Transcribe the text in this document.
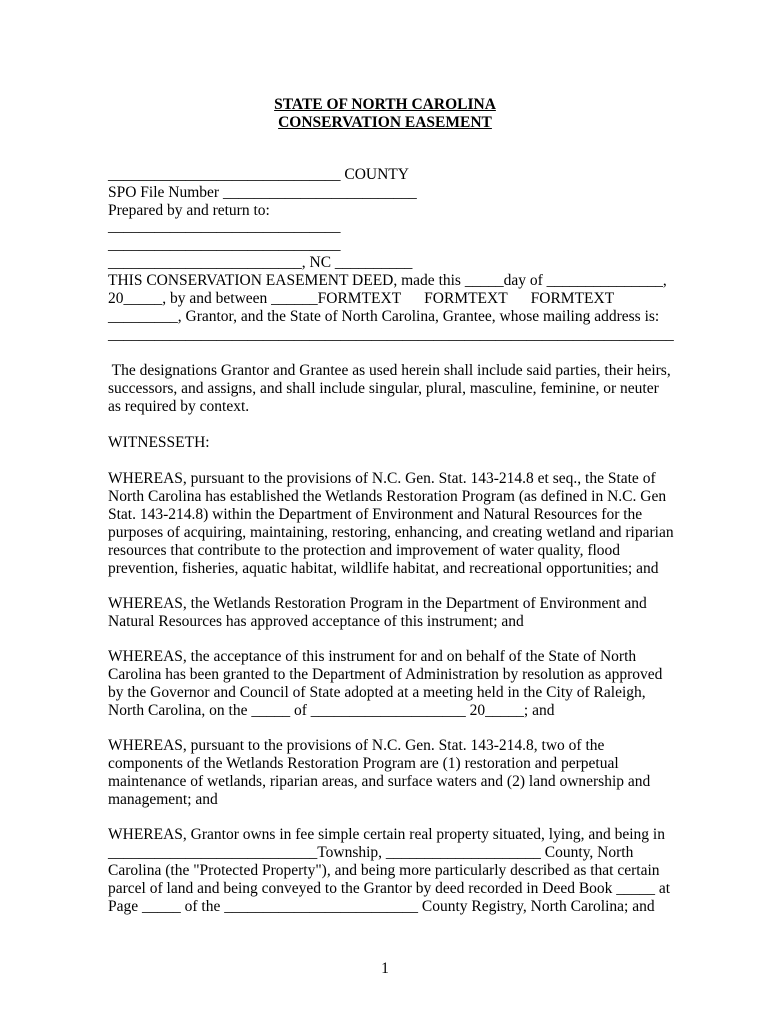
STATE OF NORTH CAROLINA
CONSERVATION EASEMENT
______________________________ COUNTY
SPO File Number _________________________
Prepared by and return to:
______________________________
______________________________
_________________________, NC __________
THIS CONSERVATION EASEMENT DEED, made this _____day of _______________,
20_____, by and between ______FORMTEXT      FORMTEXT      FORMTEXT
_________, Grantor, and the State of North Carolina, Grantee, whose mailing address is:
_________________________________________________________________________
The designations Grantor and Grantee as used herein shall include said parties, their heirs,
successors, and assigns, and shall include singular, plural, masculine, feminine, or neuter
as required by context.
WITNESSETH:
WHEREAS, pursuant to the provisions of N.C. Gen. Stat. 143-214.8 et seq., the State of
North Carolina has established the Wetlands Restoration Program (as defined in N.C. Gen
Stat. 143-214.8) within the Department of Environment and Natural Resources for the
purposes of acquiring, maintaining, restoring, enhancing, and creating wetland and riparian
resources that contribute to the protection and improvement of water quality, flood
prevention, fisheries, aquatic habitat, wildlife habitat, and recreational opportunities; and
WHEREAS, the Wetlands Restoration Program in the Department of Environment and
Natural Resources has approved acceptance of this instrument; and
WHEREAS, the acceptance of this instrument for and on behalf of the State of North
Carolina has been granted to the Department of Administration by resolution as approved
by the Governor and Council of State adopted at a meeting held in the City of Raleigh,
North Carolina, on the _____ of ____________________ 20_____; and
WHEREAS, pursuant to the provisions of N.C. Gen. Stat. 143-214.8, two of the
components of the Wetlands Restoration Program are (1) restoration and perpetual
maintenance of wetlands, riparian areas, and surface waters and (2) land ownership and
management; and
WHEREAS, Grantor owns in fee simple certain real property situated, lying, and being in
___________________________Township, ____________________ County, North
Carolina (the "Protected Property"), and being more particularly described as that certain
parcel of land and being conveyed to the Grantor by deed recorded in Deed Book _____ at
Page _____ of the _________________________ County Registry, North Carolina; and
1
